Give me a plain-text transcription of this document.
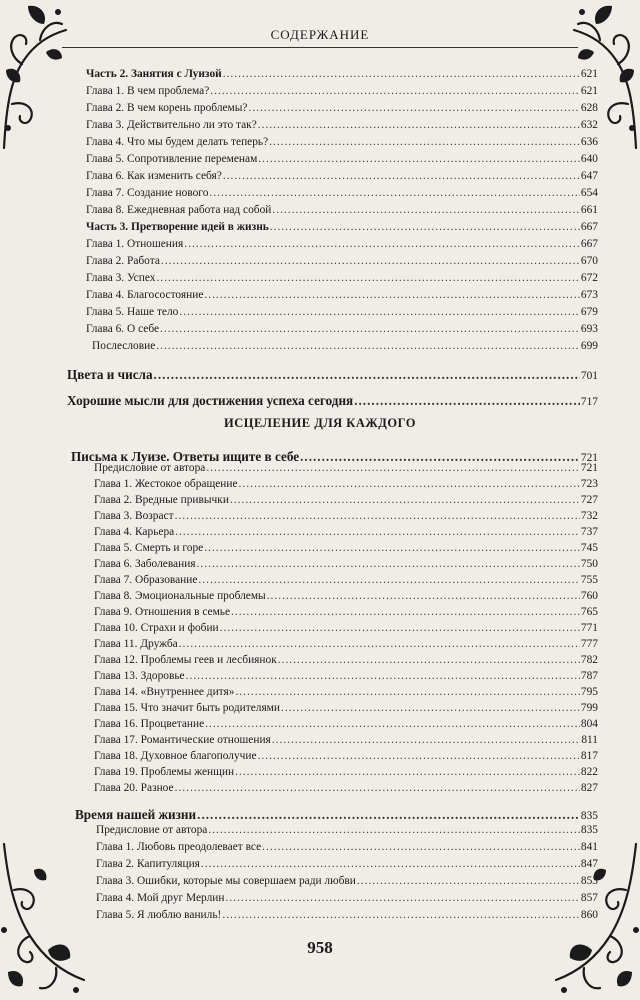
СОДЕРЖАНИЕ
Часть 2. Занятия с Луизой .....	621
Глава 1. В чем проблема? .....	621
Глава 2. В чем корень проблемы? .....	628
Глава 3. Действительно ли это так? .....	632
Глава 4. Что мы будем делать теперь? .....	636
Глава 5. Сопротивление переменам .....	640
Глава 6. Как изменить себя? .....	647
Глава 7. Создание нового .....	654
Глава 8. Ежедневная работа над собой .....	661
Часть 3. Претворение идей в жизнь .....	667
Глава 1. Отношения .....	667
Глава 2. Работа .....	670
Глава 3. Успех .....	672
Глава 4. Благосостояние .....	673
Глава 5. Наше тело .....	679
Глава 6. О себе .....	693
Послесловие .....	699
Цвета и числа .....	701
Хорошие мысли для достижения успеха сегодня .....	717
ИСЦЕЛЕНИЕ ДЛЯ КАЖДОГО
Письма к Луизе. Ответы ищите в себе .....	721
Предисловие от автора .....	721
Глава 1. Жестокое обращение .....	723
Глава 2. Вредные привычки .....	727
Глава 3. Возраст .....	732
Глава 4. Карьера .....	737
Глава 5. Смерть и горе .....	745
Глава 6. Заболевания .....	750
Глава 7. Образование .....	755
Глава 8. Эмоциональные проблемы .....	760
Глава 9. Отношения в семье .....	765
Глава 10. Страхи и фобии .....	771
Глава 11. Дружба .....	777
Глава 12. Проблемы геев и лесбиянок .....	782
Глава 13. Здоровье .....	787
Глава 14. «Внутреннее дитя» .....	795
Глава 15. Что значит быть родителями .....	799
Глава 16. Процветание .....	804
Глава 17. Романтические отношения .....	811
Глава 18. Духовное благополучие .....	817
Глава 19. Проблемы женщин .....	822
Глава 20. Разное .....	827
Время нашей жизни .....	835
Предисловие от автора .....	835
Глава 1. Любовь преодолевает все .....	841
Глава 2. Капитуляция .....	847
Глава 3. Ошибки, которые мы совершаем ради любви .....	853
Глава 4. Мой друг Мерлин .....	857
Глава 5. Я люблю ваниль! .....	860
958
